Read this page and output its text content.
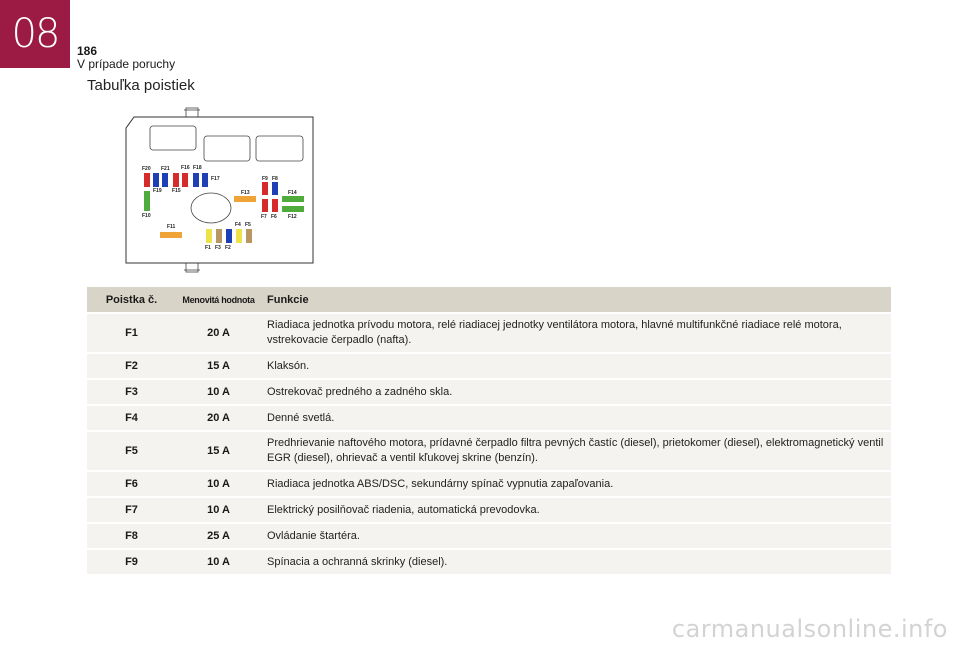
08	186
V prípade poruchy
Tabuľka poistiek
F20 F21 F16 F18
F17
F19 F15	F13
F9 F8
F14
F10	F7 F6 F12
F11	F4 F5
F1 F3 F2
Poistka č.	Menovitá hodnota	Funkcie
F1	20 A	Riadiaca jednotka prívodu motora, relé riadiacej jednotky ventilátora motora, hlavné multifunkčné riadiace relé motora, vstrekovacie čerpadlo (nafta).
F2	15 A	Klaksón.
F3	10 A	Ostrekovač predného a zadného skla.
F4	20 A	Denné svetlá.
F5	15 A	Predhrievanie naftového motora, prídavné čerpadlo filtra pevných častíc (diesel), prietokomer (diesel), elektromagnetický ventil EGR (diesel), ohrievač a ventil kľukovej skrine (benzín).
F6	10 A	Riadiaca jednotka ABS/DSC, sekundárny spínač vypnutia zapaľovania.
F7	10 A	Elektrický posilňovač riadenia, automatická prevodovka.
F8	25 A	Ovládanie štartéra.
F9	10 A	Spínacia a ochranná skrinky (diesel).
carmanualsonline.info
